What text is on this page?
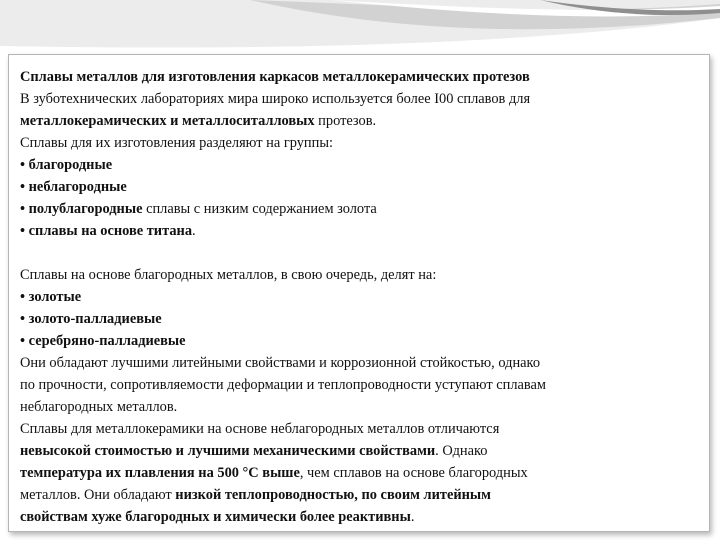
Сплавы металлов для изготовления каркасов металлокерамических протезов

В зуботехнических лабораториях мира широко используется более I00 сплавов для

металлокерамических и металлоситалловых протезов.

Сплавы для их изготовления разделяют на группы:

• благородные

• неблагородные

• полублагородные сплавы с низким содержанием золота

• сплавы на основе титана.

Сплавы на основе благородных металлов, в свою очередь, делят на:

• золотые

• золото-палладиевые

• серебряно-палладиевые

Они обладают лучшими литейными свойствами и коррозионной стойкостью, однако

по прочности, сопротивляемости деформации и теплопроводности уступают сплавам

неблагородных металлов.

Сплавы для металлокерамики на основе неблагородных металлов отличаются

невысокой стоимостью и лучшими механическими свойствами. Однако

температура их плавления на 500 °С выше, чем сплавов на основе благородных

металлов. Они обладают низкой теплопроводностью, по своим литейным

свойствам хуже благородных и химически более реактивны.
